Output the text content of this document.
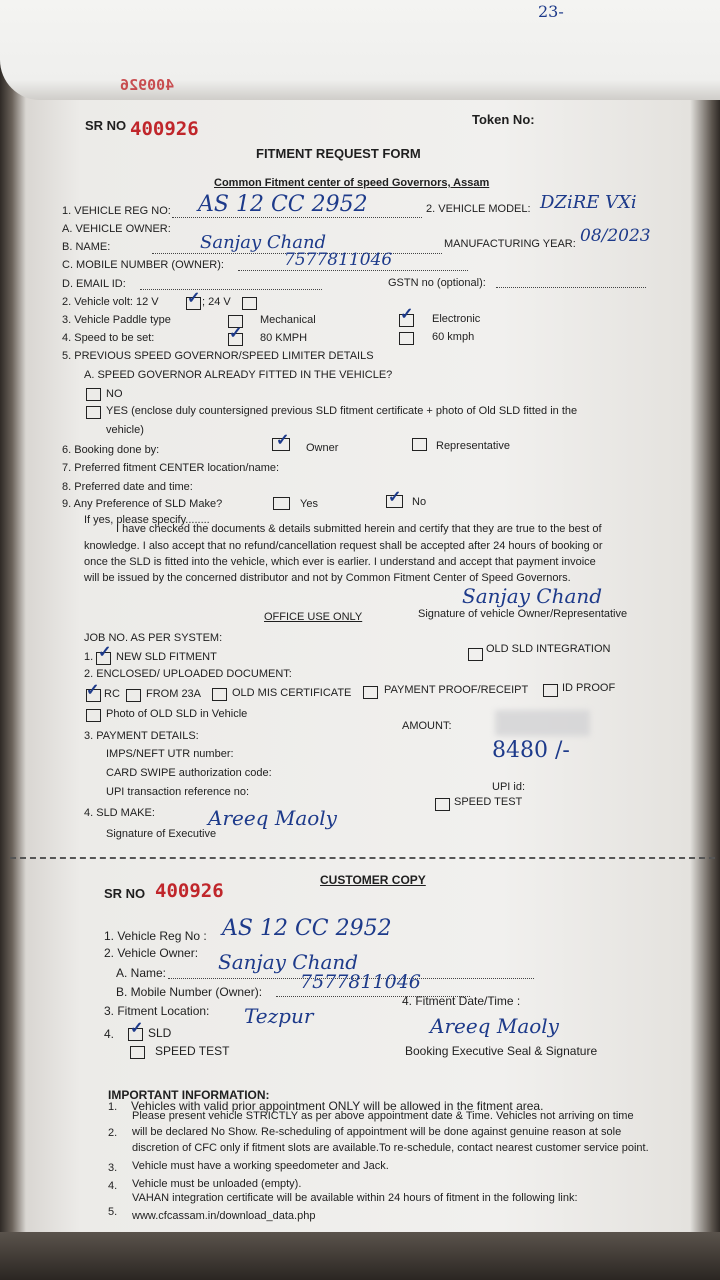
23-
400926
SR NO 400926	Token No:
FITMENT REQUEST FORM
Common Fitment center of speed Governors, Assam
1. VEHICLE REG NO: AS 12 CC 2952	2. VEHICLE MODEL: DZiRE VXi
A. VEHICLE OWNER:
B. NAME:	Sanjay Chand	MANUFACTURING YEAR: 08/2023
C. MOBILE NUMBER (OWNER):	7577811046
D. EMAIL ID:	GSTN no (optional):
2. Vehicle volt: 12 V ✓ ; 24 V
3. Vehicle Paddle type	Mechanical	✓ Electronic
4. Speed to be set:	✓ 80 KMPH	60 kmph
5. PREVIOUS SPEED GOVERNOR/SPEED LIMITER DETAILS
A. SPEED GOVERNOR ALREADY FITTED IN THE VEHICLE?
NO
YES (enclose duly countersigned previous SLD fitment certificate + photo of Old SLD fitted in the
vehicle)
6. Booking done by:
✓ Owner	Representative
7. Preferred fitment CENTER location/name:
8. Preferred date and time:
9. Any Preference of SLD Make?	Yes	✓ No
If yes, please specify........
I have checked the documents & details submitted herein and certify that they are true to the best of
knowledge. I also accept that no refund/cancellation request shall be accepted after 24 hours of booking or
once the SLD is fitted into the vehicle, which ever is earlier. I understand and accept that payment invoice
will be issued by the concerned distributor and not by Common Fitment Center of Speed Governors.
Sanjay Chand
OFFICE USE ONLY	Signature of vehicle Owner/Representative
JOB NO. AS PER SYSTEM:
1. ✓ NEW SLD FITMENT
OLD SLD INTEGRATION
2. ENCLOSED/ UPLOADED DOCUMENT:
✓ RC FROM 23A	OLD MIS CERTIFICATE	PAYMENT PROOF/RECEIPT	ID PROOF
Photo of OLD SLD in Vehicle
3. PAYMENT DETAILS:
AMOUNT:
8480 /-
IMPS/NEFT UTR number:
CARD SWIPE authorization code:
UPI id:
UPI transaction reference no:
SPEED TEST
4. SLD MAKE:
Signature of Executive
Areeq Maoly
SR NO 400926	CUSTOMER COPY
1. Vehicle Reg No : AS 12 CC 2952
2. Vehicle Owner:
A. Name:	Sanjay Chand
B. Mobile Number (Owner): 7577811046
4. Fitment Date/Time :
3. Fitment Location: Tezpur
4. ✓ SLD
SPEED TEST
Areeq Maoly
Booking Executive Seal & Signature
IMPORTANT INFORMATION:
1. Vehicles with valid prior appointment ONLY will be allowed in the fitment area.
2.
Please present vehicle STRICTLY as per above appointment date & Time. Vehicles not arriving on time
will be declared No Show. Re-scheduling of appointment will be done against genuine reason at sole
discretion of CFC only if fitment slots are available.To re-schedule, contact nearest customer service point.
3. Vehicle must have a working speedometer and Jack.
4. Vehicle must be unloaded (empty).
5.
VAHAN integration certificate will be available within 24 hours of fitment in the following link:
www.cfcassam.in/download_data.php
